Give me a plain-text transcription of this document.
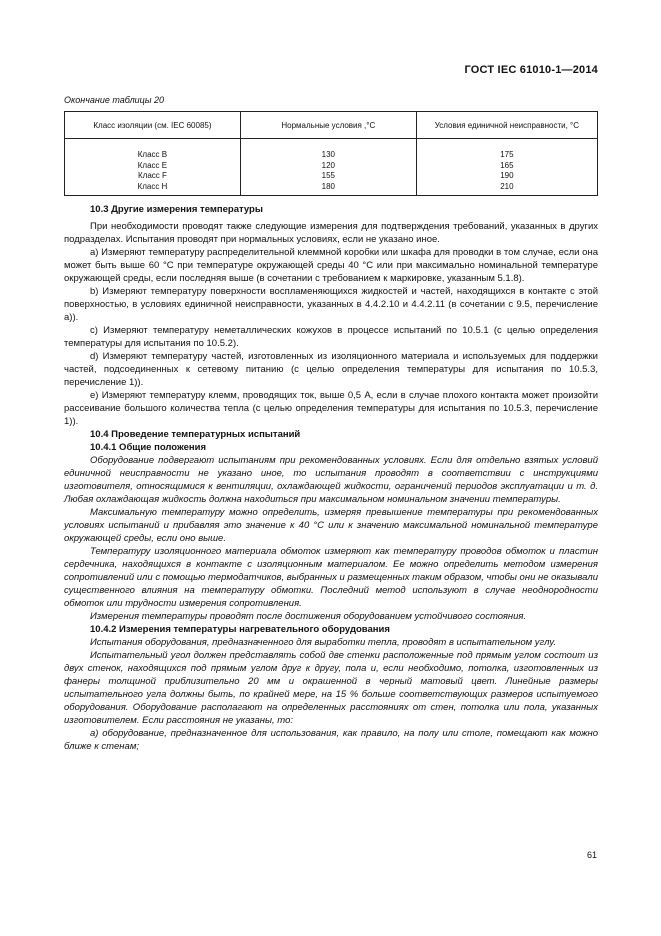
ГОСТ IEC 61010-1—2014
Окончание таблицы 20
Класс изоляции (см. IEC 60085)	Нормальные условия ,°С	Условия единичной неисправности, °С
Класс В	130	175
Класс Е	120	165
Класс F	155	190
Класс Н	180	210

10.3 Другие измерения температуры

При необходимости проводят также следующие измерения для подтверждения требований, указанных в других подразделах. Испытания проводят при нормальных условиях, если не указано иное.

а) Измеряют температуру распределительной клеммной коробки или шкафа для проводки в том случае, если она может быть выше 60 °С при температуре окружающей среды 40 °С или при максимально номинальной температуре окружающей среды, если последняя выше (в сочетании с требованием к маркировке, указанным 5.1.8).

b) Измеряют температуру поверхности воспламеняющихся жидкостей и частей, находящихся в контакте с этой поверхностью, в условиях единичной неисправности, указанных в 4.4.2.10 и 4.4.2.11 (в сочетании с 9.5, перечисление а)).

c) Измеряют температуру неметаллических кожухов в процессе испытаний по 10.5.1 (с целью определения температуры для испытания по 10.5.2).

d) Измеряют температуру частей, изготовленных из изоляционного материала и используемых для поддержки частей, подсоединенных к сетевому питанию (с целью определения температуры для испытания по 10.5.3, перечисление 1)).

е) Измеряют температуру клемм, проводящих ток, выше 0,5 А, если в случае плохого контакта может произойти рассеивание большого количества тепла (с целью определения температуры для испытания по 10.5.3, перечисление 1)).

10.4 Проведение температурных испытаний

10.4.1 Общие положения

Оборудование подвергают испытаниям при рекомендованных условиях. Если для отдельно взятых условий единичной неисправности не указано иное, то испытания проводят в соответствии с инструкциями изготовителя, относящимися к вентиляции, охлаждающей жидкости, ограничений периодов эксплуатации и т. д. Любая охлаждающая жидкость должна находиться при максимальном номинальном значении температуры.

Максимальную температуру можно определить, измеряя превышение температуры при рекомендованных условиях испытаний и прибавляя это значение к 40 °С или к значению максимальной номинальной температуре окружающей среды, если оно выше.

Температуру изоляционного материала обмоток измеряют как температуру проводов обмоток и пластин сердечника, находящихся в контакте с изоляционным материалом. Ее можно определить методом измерения сопротивлений или с помощью термодатчиков, выбранных и размещенных таким образом, чтобы они не оказывали существенного влияния на температуру обмотки. Последний метод используют в случае неоднородности обмоток или трудности измерения сопротивления.

Измерения температуры проводят после достижения оборудованием устойчивого состояния.

10.4.2 Измерения температуры нагревательного оборудования

Испытания оборудования, предназначенного для выработки тепла, проводят в испытательном углу.

Испытательный угол должен представлять собой две стенки расположенные под прямым углом состоит из двух стенок, находящихся под прямым углом друг к другу, пола и, если необходимо, потолка, изготовленных из фанеры толщиной приблизительно 20 мм и окрашенной в черный матовый цвет. Линейные размеры испытательного угла должны быть, по крайней мере, на 15 % больше соответствующих размеров испытуемого оборудования. Оборудование располагают на определенных расстояниях от стен, потолка или пола, указанных изготовителем. Если расстояния не указаны, то:

а) оборудование, предназначенное для использования, как правило, на полу или столе, помещают как можно ближе к стенам;

61
